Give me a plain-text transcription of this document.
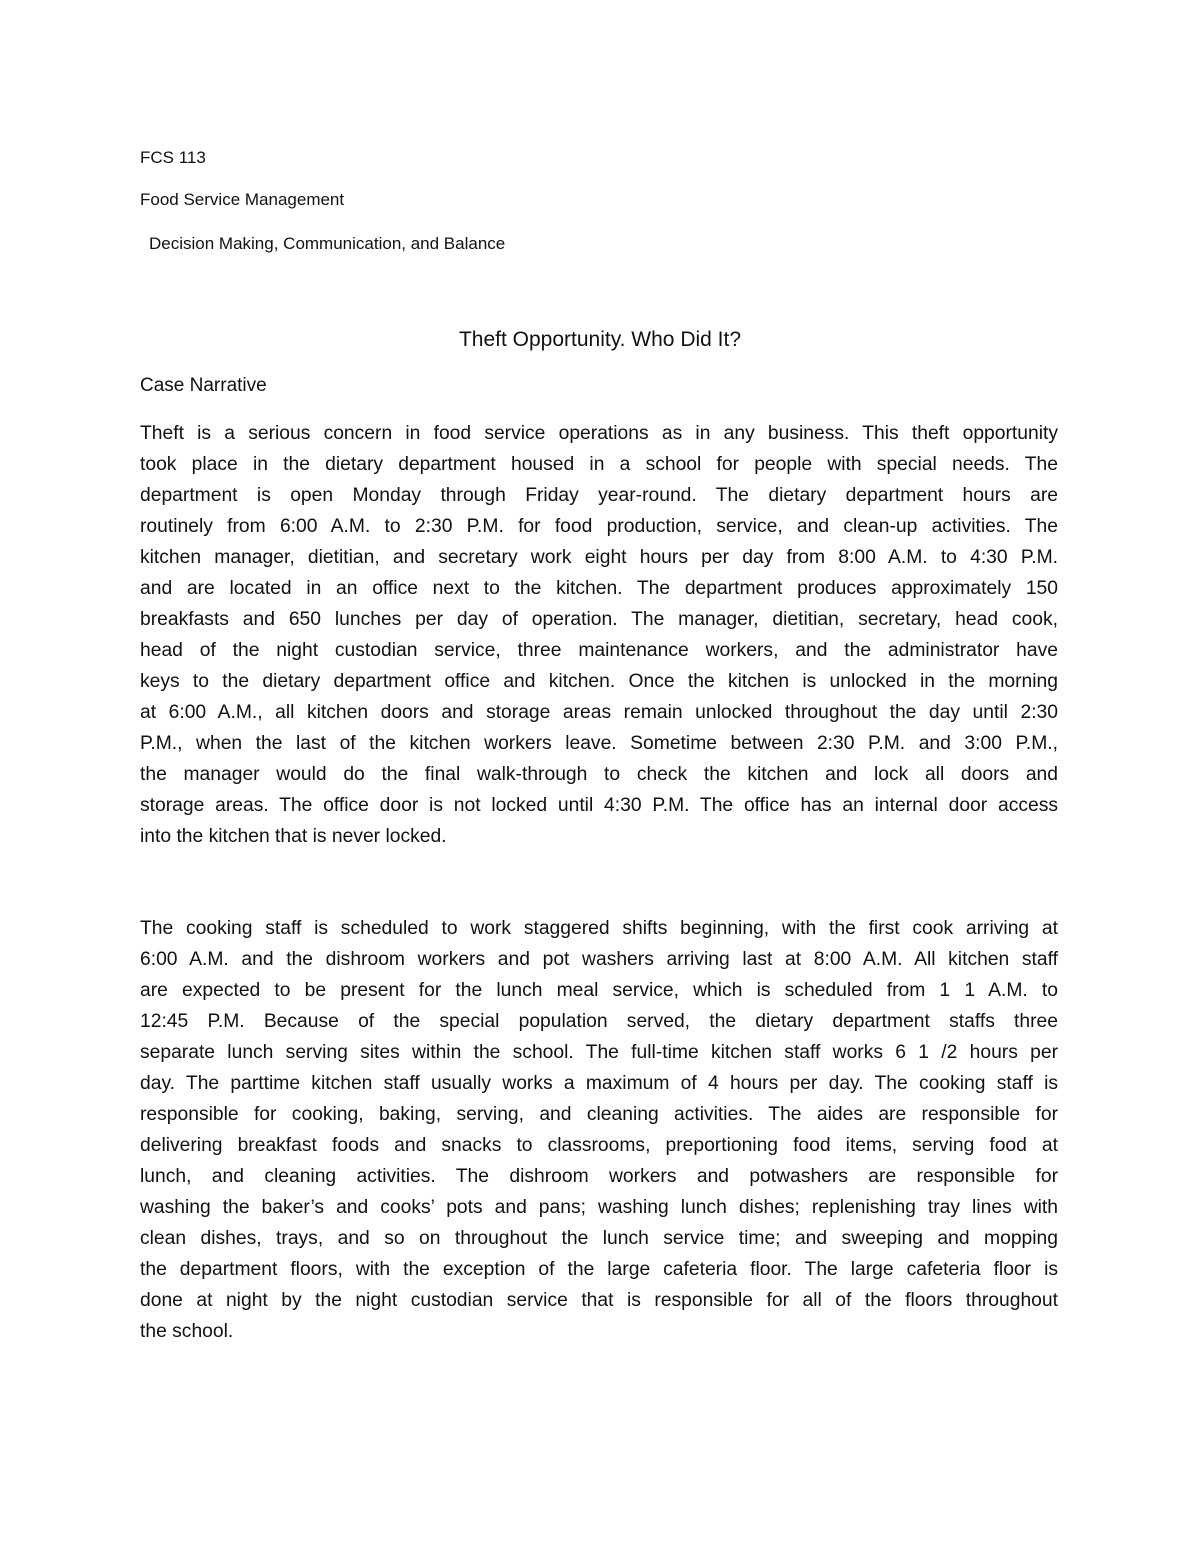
FCS 113
Food Service Management
Decision Making, Communication, and Balance
Theft Opportunity. Who Did It?
Case Narrative
Theft is a serious concern in food service operations as in any business. This theft opportunity
took place in the dietary department housed in a school for people with special needs. The
department is open Monday through Friday year-round. The dietary department hours are
routinely from 6:00 A.M. to 2:30 P.M. for food production, service, and clean-up activities. The
kitchen manager, dietitian, and secretary work eight hours per day from 8:00 A.M. to 4:30 P.M.
and are located in an office next to the kitchen. The department produces approximately 150
breakfasts and 650 lunches per day of operation. The manager, dietitian, secretary, head cook,
head of the night custodian service, three maintenance workers, and the administrator have
keys to the dietary department office and kitchen. Once the kitchen is unlocked in the morning
at 6:00 A.M., all kitchen doors and storage areas remain unlocked throughout the day until 2:30
P.M., when the last of the kitchen workers leave. Sometime between 2:30 P.M. and 3:00 P.M.,
the manager would do the final walk-through to check the kitchen and lock all doors and
storage areas. The office door is not locked until 4:30 P.M. The office has an internal door access
into the kitchen that is never locked.
The cooking staff is scheduled to work staggered shifts beginning, with the first cook arriving at
6:00 A.M. and the dishroom workers and pot washers arriving last at 8:00 A.M. All kitchen staff
are expected to be present for the lunch meal service, which is scheduled from 1 1 A.M. to
12:45 P.M. Because of the special population served, the dietary department staffs three
separate lunch serving sites within the school. The full-time kitchen staff works 6 1 /2 hours per
day. The parttime kitchen staff usually works a maximum of 4 hours per day. The cooking staff is
responsible for cooking, baking, serving, and cleaning activities. The aides are responsible for
delivering breakfast foods and snacks to classrooms, preportioning food items, serving food at
lunch, and cleaning activities. The dishroom workers and potwashers are responsible for
washing the baker’s and cooks’ pots and pans; washing lunch dishes; replenishing tray lines with
clean dishes, trays, and so on throughout the lunch service time; and sweeping and mopping
the department floors, with the exception of the large cafeteria floor. The large cafeteria floor is
done at night by the night custodian service that is responsible for all of the floors throughout
the school.
